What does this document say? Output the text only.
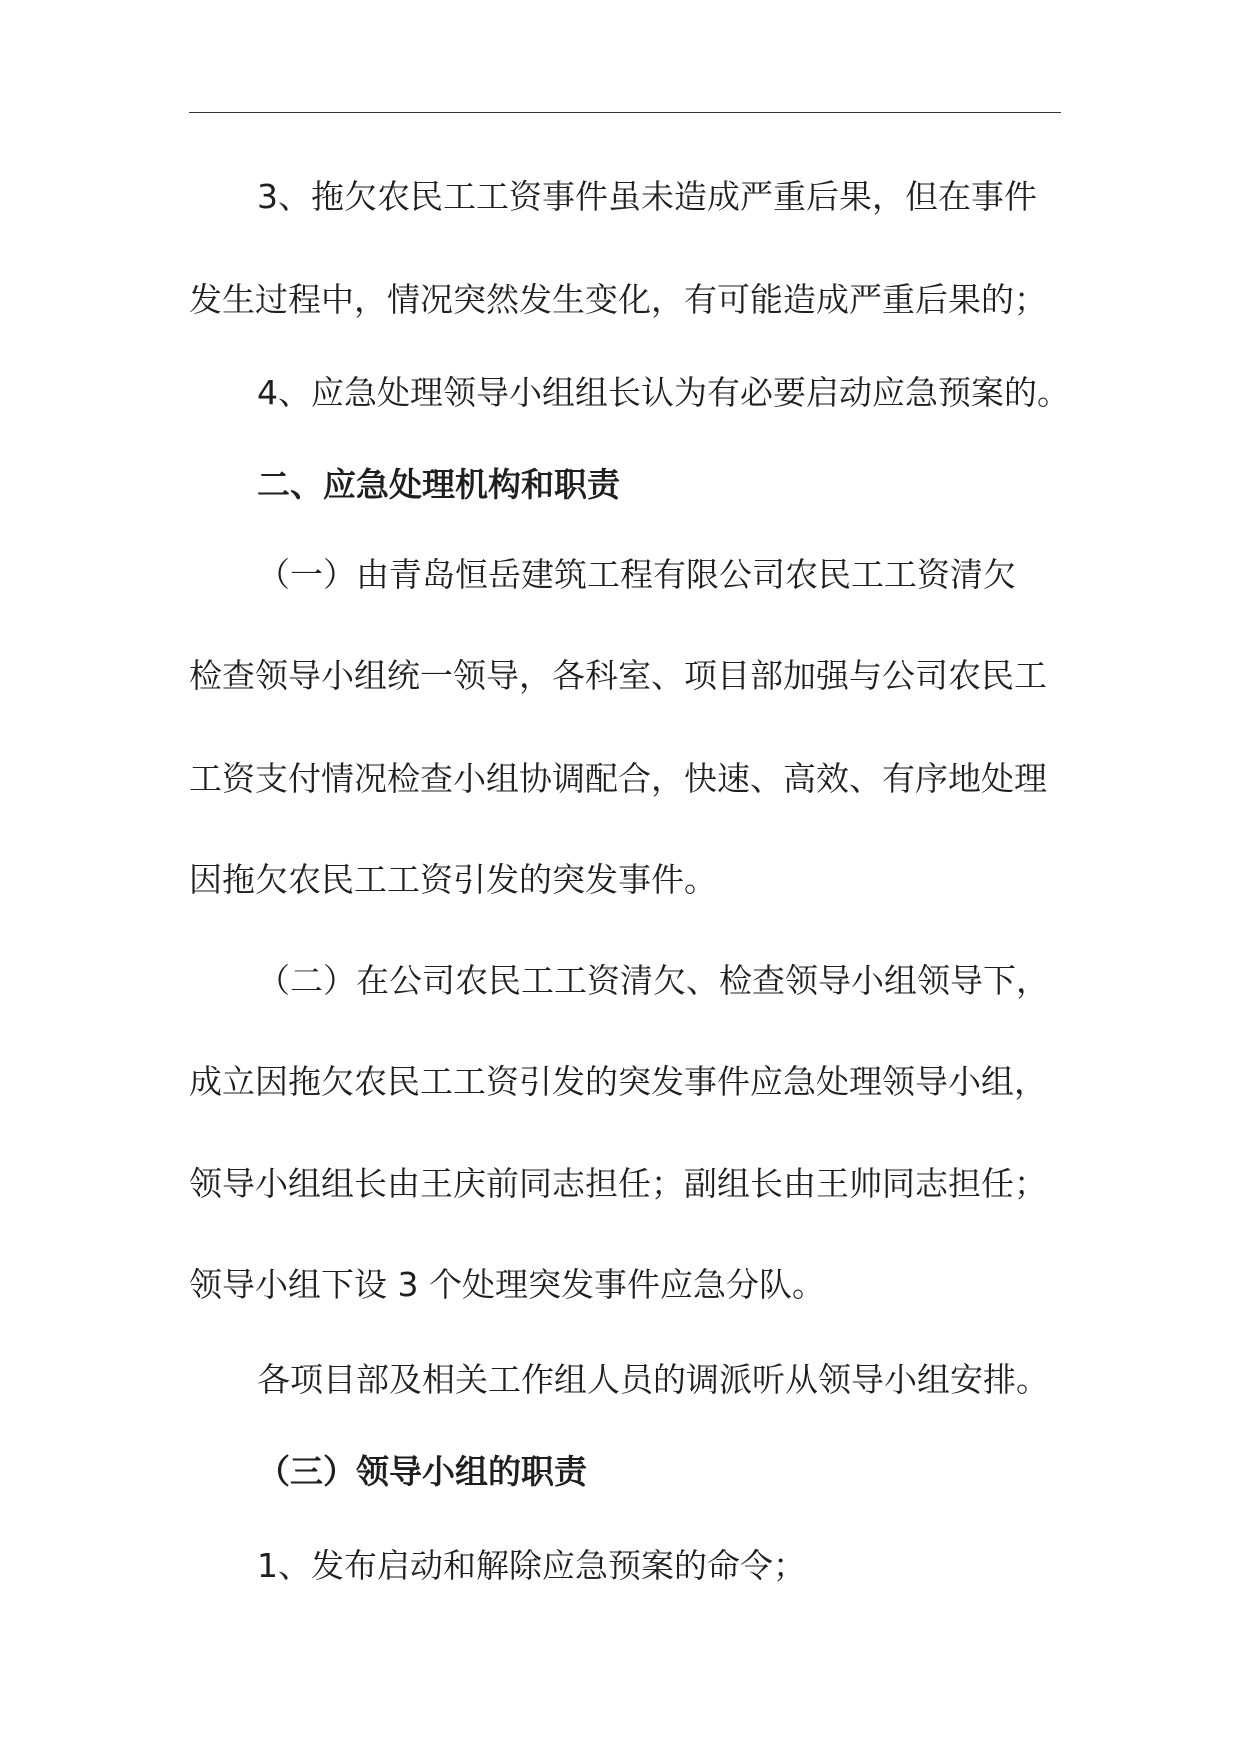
3、拖欠农民工工资事件虽未造成严重后果，但在事件
发生过程中，情况突然发生变化，有可能造成严重后果的；
4、应急处理领导小组组长认为有必要启动应急预案的。
二、应急处理机构和职责
（一）由青岛恒岳建筑工程有限公司农民工工资清欠
检查领导小组统一领导，各科室、项目部加强与公司农民工
工资支付情况检查小组协调配合，快速、高效、有序地处理
因拖欠农民工工资引发的突发事件。
（二）在公司农民工工资清欠、检查领导小组领导下，
成立因拖欠农民工工资引发的突发事件应急处理领导小组，
领导小组组长由王庆前同志担任；副组长由王帅同志担任；
领导小组下设 3 个处理突发事件应急分队。
各项目部及相关工作组人员的调派听从领导小组安排。
（三）领导小组的职责
1、发布启动和解除应急预案的命令；
